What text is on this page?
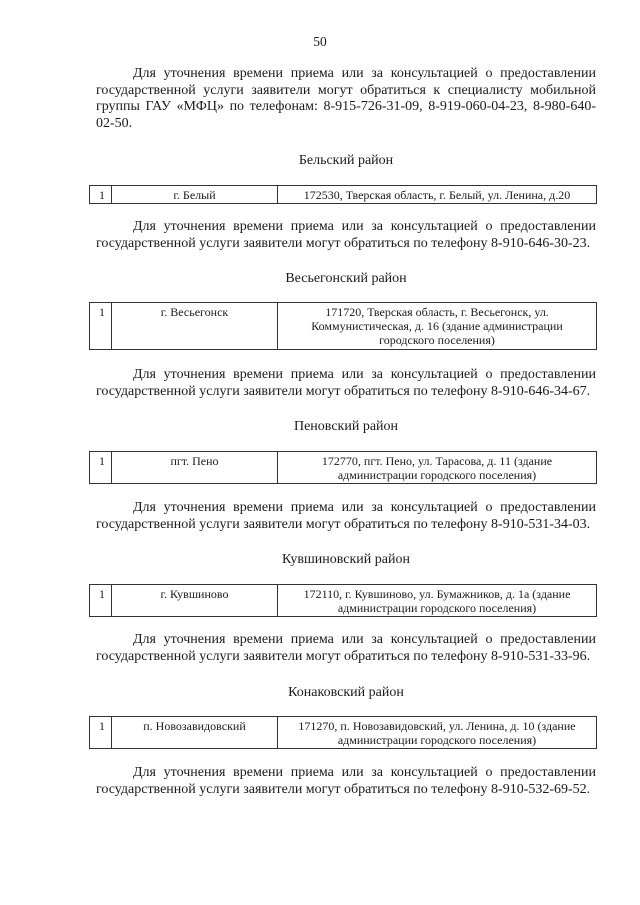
50
Для уточнения времени приема или за консультацией о предоставлении государственной услуги заявители могут обратиться к специалисту мобильной группы ГАУ «МФЦ» по телефонам: 8-915-726-31-09, 8-919-060-04-23, 8-980-640-02-50.
Бельский район
1	г. Белый	172530, Тверская область, г. Белый, ул. Ленина, д.20
Для уточнения времени приема или за консультацией о предоставлении государственной услуги заявители могут обратиться по телефону 8-910-646-30-23.
Весьегонский район
1	г. Весьегонск	171720, Тверская область, г. Весьегонск, ул. Коммунистическая, д. 16 (здание администрации городского поселения)
Для уточнения времени приема или за консультацией о предоставлении государственной услуги заявители могут обратиться по телефону 8-910-646-34-67.
Пеновский район
1	пгт. Пено	172770, пгт. Пено, ул. Тарасова, д. 11 (здание администрации городского поселения)
Для уточнения времени приема или за консультацией о предоставлении государственной услуги заявители могут обратиться по телефону 8-910-531-34-03.
Кувшиновский район
1	г. Кувшиново	172110, г. Кувшиново, ул. Бумажников, д. 1а (здание администрации городского поселения)
Для уточнения времени приема или за консультацией о предоставлении государственной услуги заявители могут обратиться по телефону 8-910-531-33-96.
Конаковский район
1	п. Новозавидовский	171270, п. Новозавидовский, ул. Ленина, д. 10 (здание администрации городского поселения)
Для уточнения времени приема или за консультацией о предоставлении государственной услуги заявители могут обратиться по телефону 8-910-532-69-52.
